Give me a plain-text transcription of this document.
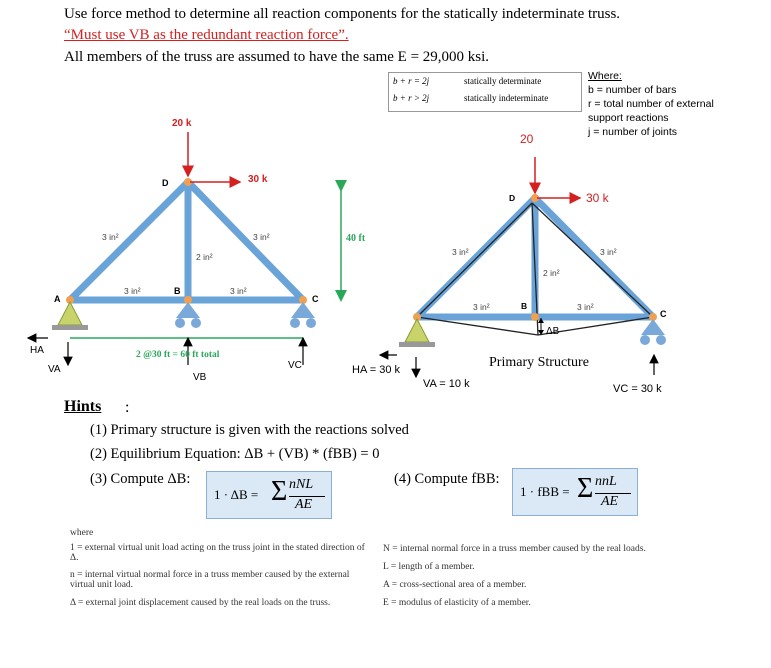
Use force method to determine all reaction components for the statically indeterminate truss.
“Must use VB as the redundant reaction force”.
All members of the truss are assumed to have the same E = 29,000 ksi.
b + r = 2j	statically determinate
b + r > 2j	statically indeterminate
Where:
b = number of bars
r = total number of external
support reactions
j = number of joints
20 k
30 k
D
A
B
C
3 in²	3 in²
2 in²
3 in²	3 in²
40 ft
2 @30 ft = 60 ft total
HA
VA
VB
VC
20
30 k
D
B
C
3 in²	3 in²
2 in²
3 in²	3 in²
ΔB
Primary Structure
HA = 30 k
VA = 10 k	VC = 30 k
Hints :
(1) Primary structure is given with the reactions solved
(2) Equilibrium Equation: ΔB + (VB) * (fBB) = 0
(3) Compute ΔB:	(4) Compute fBB:
1 · ΔB = Σ nNL
AE
1 · fBB = Σ nnL
AE
where
1 = external virtual unit load acting on the truss joint in the stated direction of Δ.
n = internal virtual normal force in a truss member caused by the external virtual unit load.
Δ = external joint displacement caused by the real loads on the truss.
N = internal normal force in a truss member caused by the real loads.
L = length of a member.
A = cross-sectional area of a member.
E = modulus of elasticity of a member.
